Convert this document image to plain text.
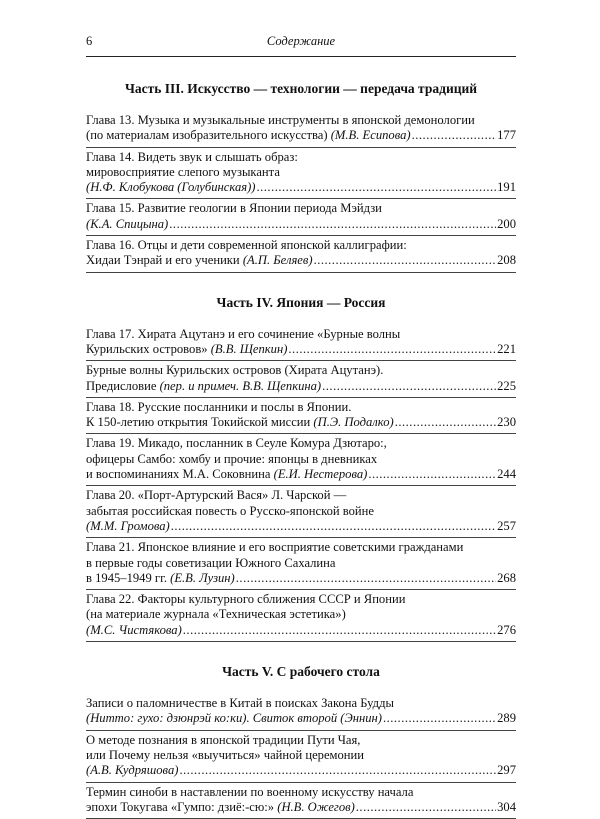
6	Содержание
Часть III. Искусство — технологии — передача традиций
Глава 13. Музыка и музыкальные инструменты в японской демонологии
(по материалам изобразительного искусства) (М.В. Есипова) .....	177
Глава 14. Видеть звук и слышать образ:
мировосприятие слепого музыканта
(Н.Ф. Клобукова (Голубинская)) .....	191
Глава 15. Развитие геологии в Японии периода Мэйдзи
(К.А. Спицына) .....	200
Глава 16. Отцы и дети современной японской каллиграфии:
Хидаи Тэнрай и его ученики (А.П. Беляев) .....	208
Часть IV. Япония — Россия
Глава 17. Хирата Ацутанэ и его сочинение «Бурные волны
Курильских островов» (В.В. Щепкин) .....	221
Бурные волны Курильских островов (Хирата Ацутанэ).
Предисловие (пер. и примеч. В.В. Щепкина) .....	225
Глава 18. Русские посланники и послы в Японии.
К 150-летию открытия Токийской миссии (П.Э. Подалко) .....	230
Глава 19. Микадо, посланник в Сеуле Комура Дзютаро:,
офицеры Самбо: хомбу и прочие: японцы в дневниках
и воспоминаниях М.А. Соковнина (Е.И. Нестерова) .....	244
Глава 20. «Порт-Артурский Вася» Л. Чарской —
забытая российская повесть о Русско-японской войне
(М.М. Громова) .....	257
Глава 21. Японское влияние и его восприятие советскими гражданами
в первые годы советизации Южного Сахалина
в 1945–1949 гг. (Е.В. Лузин) .....	268
Глава 22. Факторы культурного сближения СССР и Японии
(на материале журнала «Техническая эстетика»)
(М.С. Чистякова) .....	276
Часть V. С рабочего стола
Записи о паломничестве в Китай в поисках Закона Будды
(Нитто: гухо: дзюнрэй ко:ки). Свиток второй (Эннин) .....	289
О методе познания в японской традиции Пути Чая,
или Почему нельзя «выучиться» чайной церемонии
(А.В. Кудряшова) .....	297
Термин синоби в наставлении по военному искусству начала
эпохи Токугава «Гумпо: дзиё:-сю:» (Н.В. Ожегов) .....	304
